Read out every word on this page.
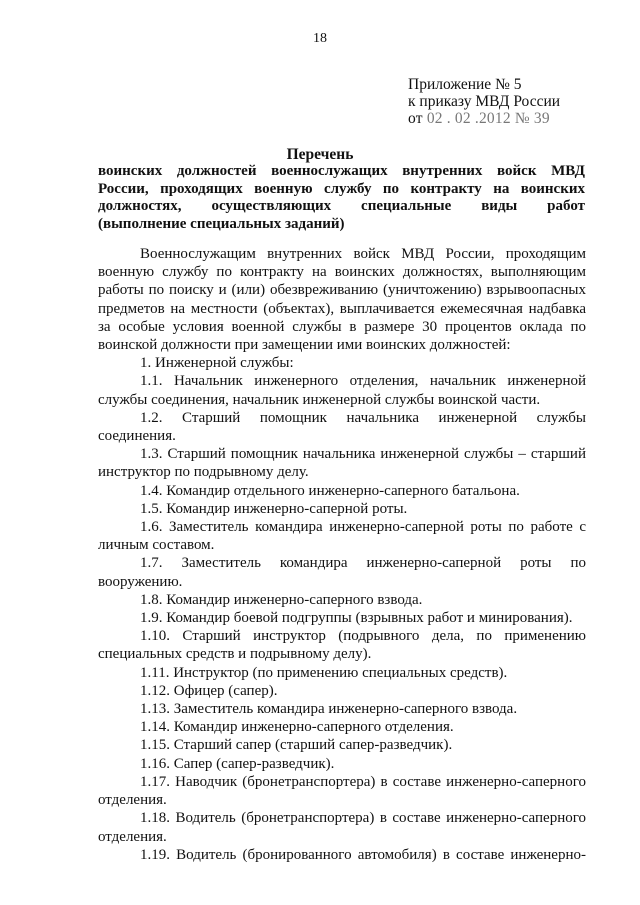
18
Приложение № 5
к приказу МВД России
от 02 . 02 .2012 № 39
Перечень
воинских должностей военнослужащих внутренних войск МВД
России, проходящих военную службу по контракту на воинских
должностях, осуществляющих специальные виды работ
(выполнение специальных заданий)
Военнослужащим внутренних войск МВД России, проходящим
военную службу по контракту на воинских должностях, выполняющим
работы по поиску и (или) обезвреживанию (уничтожению) взрывоопасных
предметов на местности (объектах), выплачивается ежемесячная надбавка
за особые условия военной службы в размере 30 процентов оклада по
воинской должности при замещении ими воинских должностей:
1. Инженерной службы:
1.1. Начальник инженерного отделения, начальник инженерной
службы соединения, начальник инженерной службы воинской части.
1.2. Старший помощник начальника инженерной службы
соединения.
1.3. Старший помощник начальника инженерной службы – старший
инструктор по подрывному делу.
1.4. Командир отдельного инженерно-саперного батальона.
1.5. Командир инженерно-саперной роты.
1.6. Заместитель командира инженерно-саперной роты по работе с
личным составом.
1.7. Заместитель командира инженерно-саперной роты по
вооружению.
1.8. Командир инженерно-саперного взвода.
1.9. Командир боевой подгруппы (взрывных работ и минирования).
1.10. Старший инструктор (подрывного дела, по применению
специальных средств и подрывному делу).
1.11. Инструктор (по применению специальных средств).
1.12. Офицер (сапер).
1.13. Заместитель командира инженерно-саперного взвода.
1.14. Командир инженерно-саперного отделения.
1.15. Старший сапер (старший сапер-разведчик).
1.16. Сапер (сапер-разведчик).
1.17. Наводчик (бронетранспортера) в составе инженерно-саперного
отделения.
1.18. Водитель (бронетранспортера) в составе инженерно-саперного
отделения.
1.19. Водитель (бронированного автомобиля) в составе инженерно-
